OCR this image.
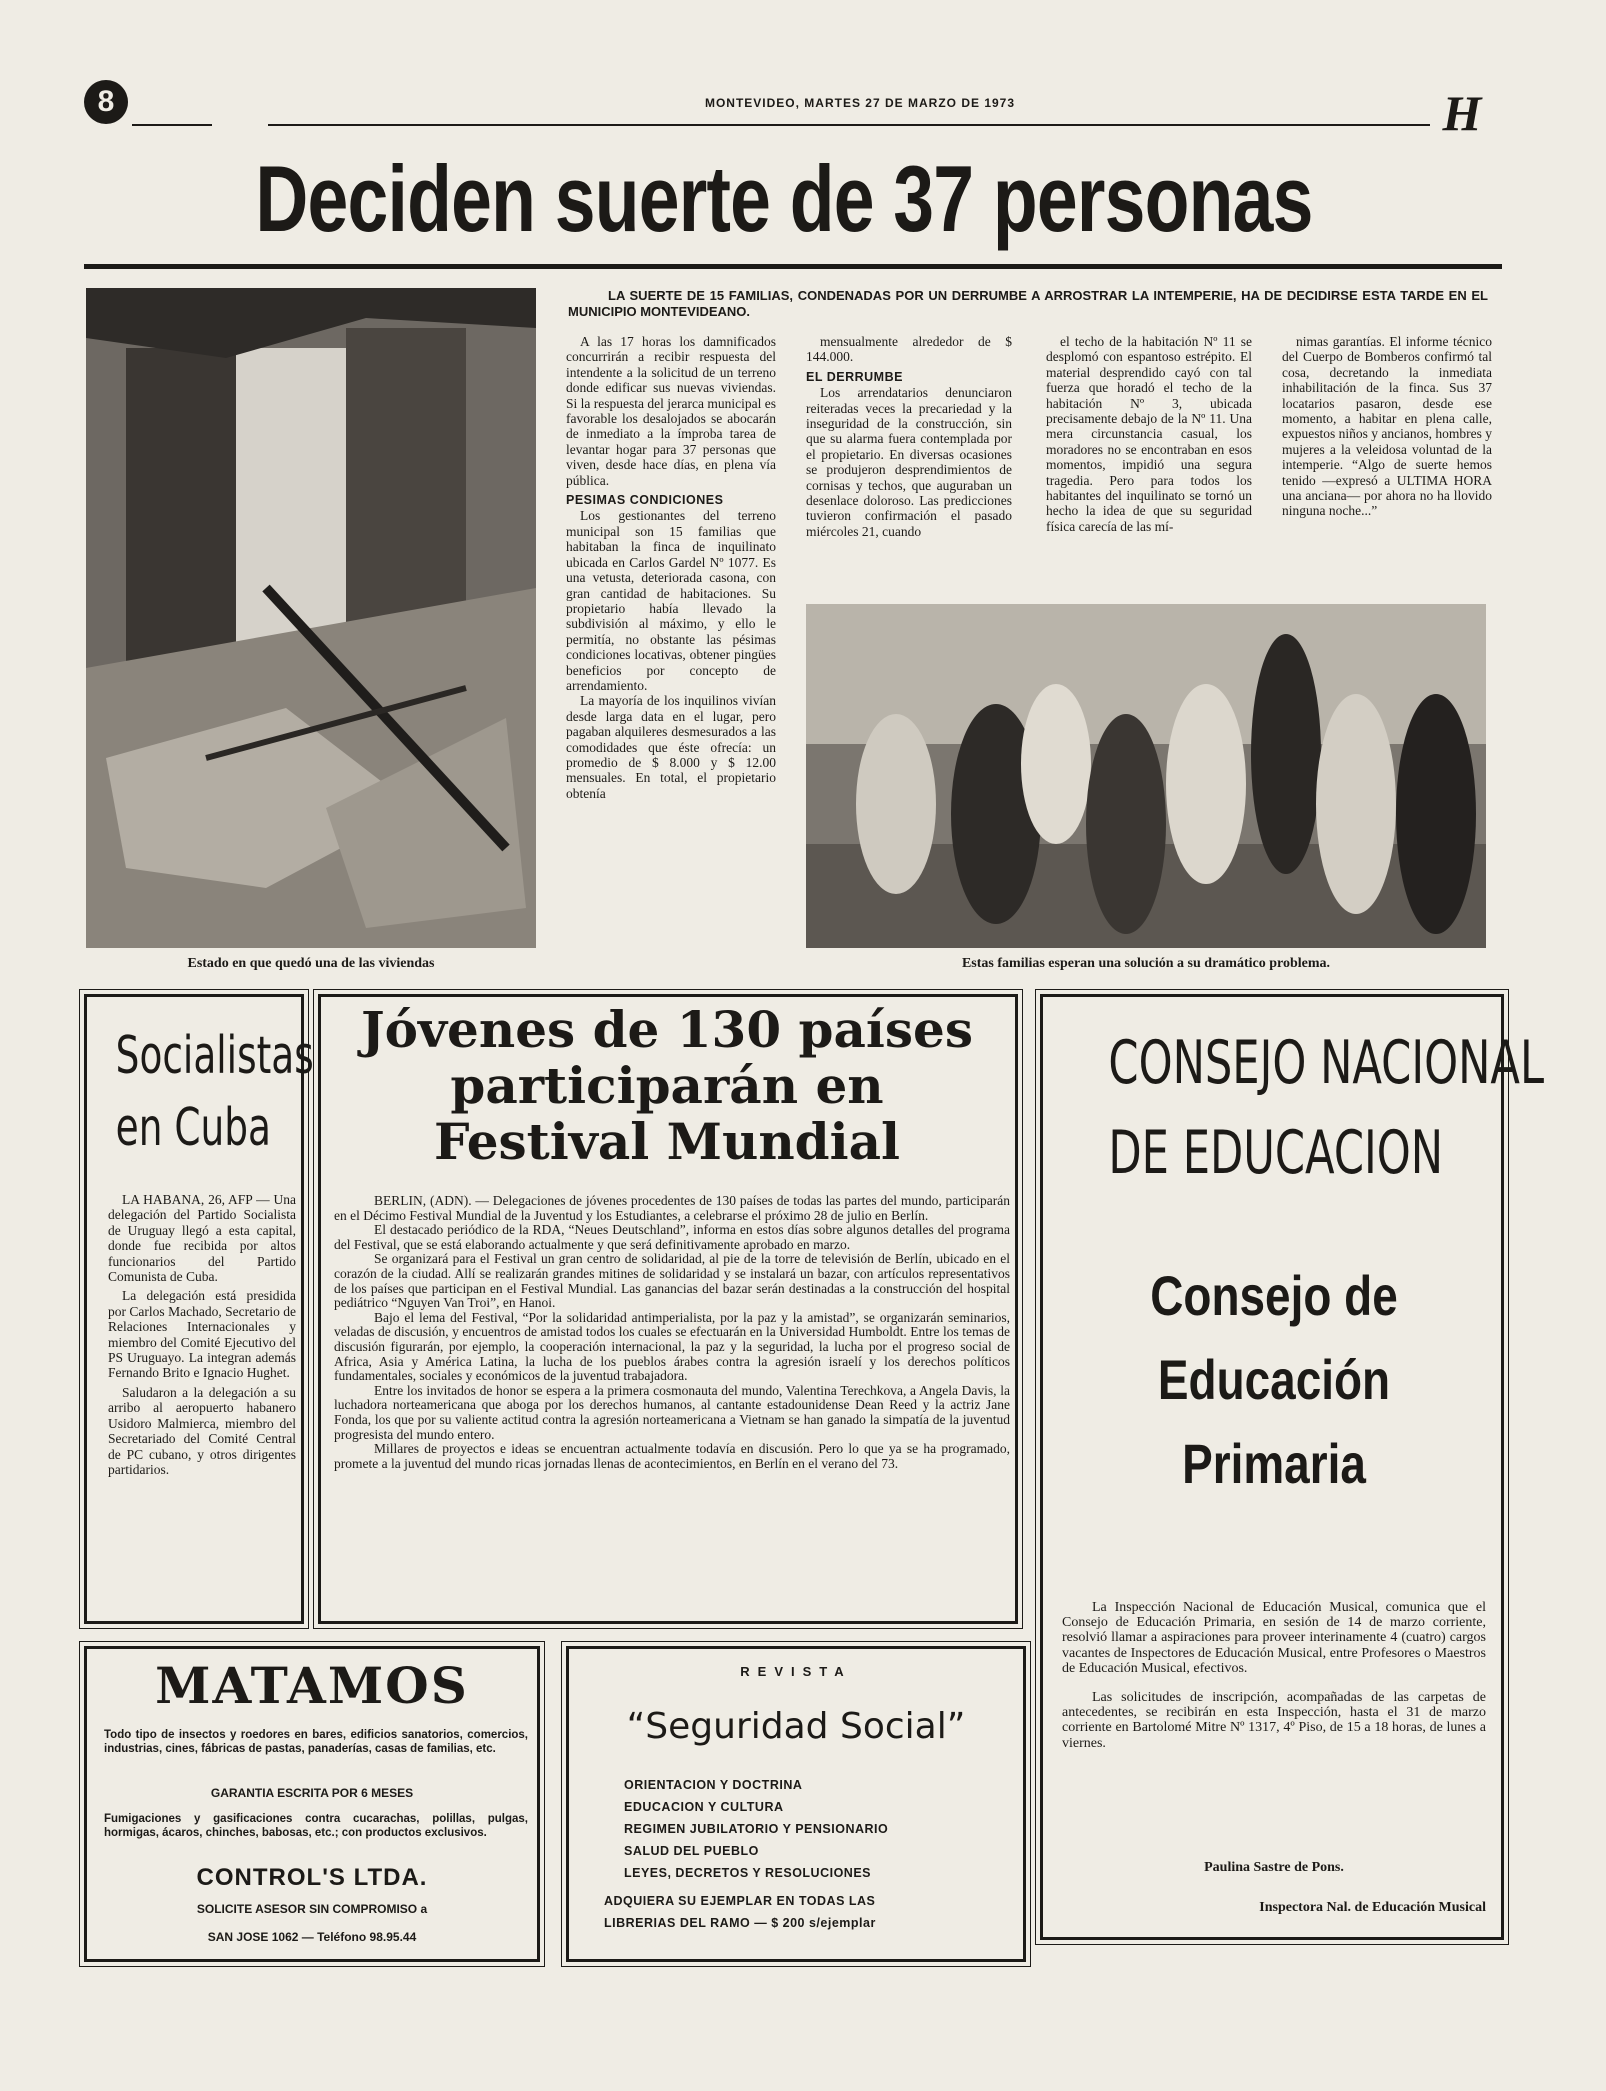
8	MONTEVIDEO, MARTES 27 DE MARZO DE 1973	H
Deciden suerte de 37 personas
Estado en que quedó una de las viviendas
LA SUERTE DE 15 FAMILIAS, CONDENADAS POR UN DERRUMBE A ARROSTRAR LA INTEMPERIE, HA DE DECIDIRSE ESTA TARDE EN EL MUNICIPIO MONTEVIDEANO.

A las 17 horas los damnificados concurrirán a recibir respuesta del intendente a la solicitud de un terreno donde edificar sus nuevas viviendas. Si la respuesta del jerarca municipal es favorable los desalojados se abocarán de inmediato a la ímproba tarea de levantar hogar para 37 personas que viven, desde hace días, en plena vía pública.

PESIMAS CONDICIONES

Los gestionantes del terreno municipal son 15 familias que habitaban la finca de inquilinato ubicada en Carlos Gardel Nº 1077. Es una vetusta, deteriorada casona, con gran cantidad de habitaciones. Su propietario había llevado la subdivisión al máximo, y ello le permitía, no obstante las pésimas condiciones locativas, obtener pingües beneficios por concepto de arrendamiento.

La mayoría de los inquilinos vivían desde larga data en el lugar, pero pagaban alquileres desmesurados a las comodidades que éste ofrecía: un promedio de $ 8.000 y $ 12.00 mensuales. En total, el propietario obtenía

mensualmente alrededor de $ 144.000.

EL DERRUMBE

Los arrendatarios denunciaron reiteradas veces la precariedad y la inseguridad de la construcción, sin que su alarma fuera contemplada por el propietario. En diversas ocasiones se produjeron desprendimientos de cornisas y techos, que auguraban un desenlace doloroso. Las predicciones tuvieron confirmación el pasado miércoles 21, cuando

el techo de la habitación Nº 11 se desplomó con espantoso estrépito. El material desprendido cayó con tal fuerza que horadó el techo de la habitación Nº 3, ubicada precisamente debajo de la Nº 11. Una mera circunstancia casual, los moradores no se encontraban en esos momentos, impidió una segura tragedia. Pero para todos los habitantes del inquilinato se tornó un hecho la idea de que su seguridad física carecía de las mí-

nimas garantías. El informe técnico del Cuerpo de Bomberos confirmó tal cosa, decretando la inmediata inhabilitación de la finca. Sus 37 locatarios pasaron, desde ese momento, a habitar en plena calle, expuestos niños y ancianos, hombres y mujeres a la veleidosa voluntad de la intemperie. “Algo de suerte hemos tenido —expresó a ULTIMA HORA una anciana— por ahora no ha llovido ninguna noche...”

Estas familias esperan una solución a su dramático problema.
Socialistas
en Cuba

LA HABANA, 26, AFP — Una delegación del Partido Socialista de Uruguay llegó a esta capital, donde fue recibida por altos funcionarios del Partido Comunista de Cuba.

La delegación está presidida por Carlos Machado, Secretario de Relaciones Internacionales y miembro del Comité Ejecutivo del PS Uruguayo. La integran además Fernando Brito e Ignacio Hughet.

Saludaron a la delegación a su arribo al aeropuerto habanero Usidoro Malmierca, miembro del Secretariado del Comité Central de PC cubano, y otros dirigentes partidarios.

Jóvenes de 130 países
participarán en
Festival Mundial

BERLIN, (ADN). — Delegaciones de jóvenes procedentes de 130 países de todas las partes del mundo, participarán en el Décimo Festival Mundial de la Juventud y los Estudiantes, a celebrarse el próximo 28 de julio en Berlín.

El destacado periódico de la RDA, “Neues Deutschland”, informa en estos días sobre algunos detalles del programa del Festival, que se está elaborando actualmente y que será definitivamente aprobado en marzo.

Se organizará para el Festival un gran centro de solidaridad, al pie de la torre de televisión de Berlín, ubicado en el corazón de la ciudad. Allí se realizarán grandes mitines de solidaridad y se instalará un bazar, con artículos representativos de los países que participan en el Festival Mundial. Las ganancias del bazar serán destinadas a la construcción del hospital pediátrico “Nguyen Van Troi”, en Hanoi.

Bajo el lema del Festival, “Por la solidaridad antimperialista, por la paz y la amistad”, se organizarán seminarios, veladas de discusión, y encuentros de amistad todos los cuales se efectuarán en la Universidad Humboldt. Entre los temas de discusión figurarán, por ejemplo, la cooperación internacional, la paz y la seguridad, la lucha por el progreso social de Africa, Asia y América Latina, la lucha de los pueblos árabes contra la agresión israelí y los derechos políticos fundamentales, sociales y económicos de la juventud trabajadora.

Entre los invitados de honor se espera a la primera cosmonauta del mundo, Valentina Terechkova, a Angela Davis, la luchadora norteamericana que aboga por los derechos humanos, al cantante estadounidense Dean Reed y la actriz Jane Fonda, los que por su valiente actitud contra la agresión norteamericana a Vietnam se han ganado la simpatía de la juventud progresista del mundo entero.

Millares de proyectos e ideas se encuentran actualmente todavía en discusión. Pero lo que ya se ha programado, promete a la juventud del mundo ricas jornadas llenas de acontecimientos, en Berlín en el verano del 73.

CONSEJO NACIONAL
DE EDUCACION
Consejo de
Educación
Primaria

La Inspección Nacional de Educación Musical, comunica que el Consejo de Educación Primaria, en sesión de 14 de marzo corriente, resolvió llamar a aspiraciones para proveer interinamente 4 (cuatro) cargos vacantes de Inspectores de Educación Musical, entre Profesores o Maestros de Educación Musical, efectivos.

Las solicitudes de inscripción, acompañadas de las carpetas de antecedentes, se recibirán en esta Inspección, hasta el 31 de marzo corriente en Bartolomé Mitre Nº 1317, 4º Piso, de 15 a 18 horas, de lunes a viernes.

Paulina Sastre de Pons.
Inspectora Nal. de Educación Musical
MATAMOS
Todo tipo de insectos y roedores en bares, edificios sanatorios, comercios, industrias, cines, fábricas de pastas, panaderías, casas de familias, etc.
GARANTIA ESCRITA POR 6 MESES
Fumigaciones y gasificaciones contra cucarachas, polillas, pulgas, hormigas, ácaros, chinches, babosas, etc.; con productos exclusivos.
CONTROL'S LTDA.
SOLICITE ASESOR SIN COMPROMISO a
SAN JOSE 1062 — Teléfono 98.95.44
REVISTA
“Seguridad Social”
ORIENTACION Y DOCTRINA
EDUCACION Y CULTURA
REGIMEN JUBILATORIO Y PENSIONARIO
SALUD DEL PUEBLO
LEYES, DECRETOS Y RESOLUCIONES
ADQUIERA SU EJEMPLAR EN TODAS LAS
LIBRERIAS DEL RAMO — $ 200 s/ejemplar
